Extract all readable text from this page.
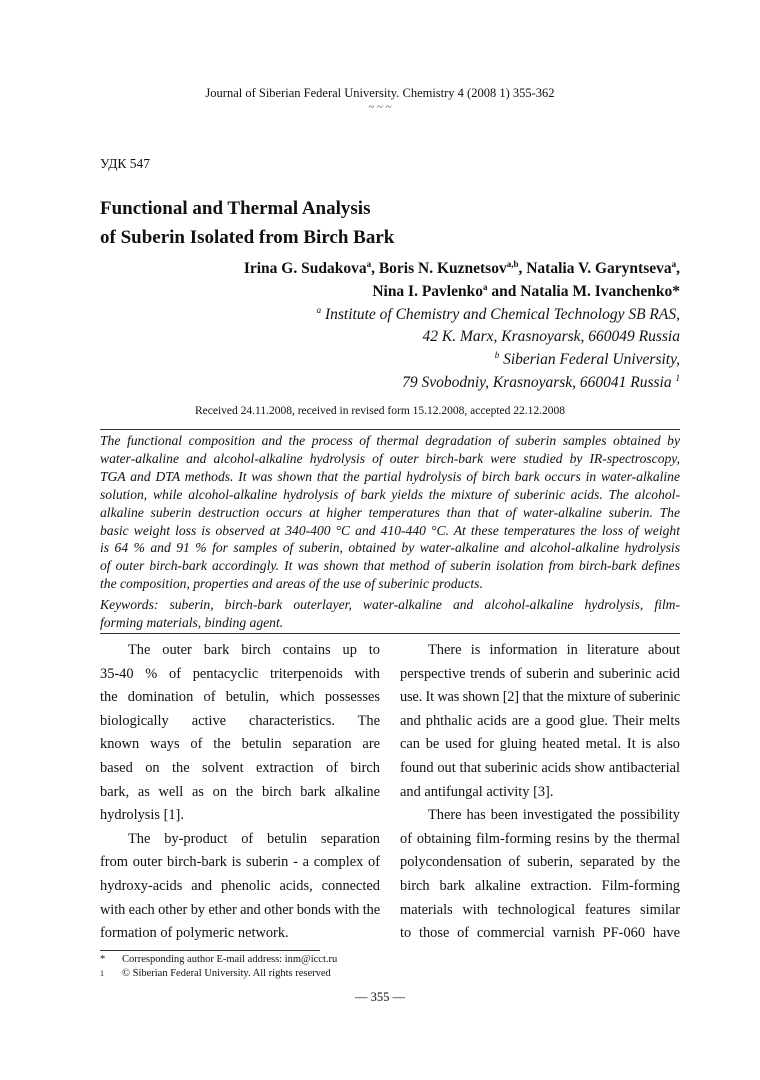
Journal of Siberian Federal University. Chemistry 4 (2008 1) 355-362
~ ~ ~
УДК 547
Functional and Thermal Analysis
of Suberin Isolated from Birch Bark
Irina G. Sudakova$^a$, Boris N. Kuznetsov$^{a,b}$, Natalia V. Garyntseva$^a$,
Nina I. Pavlenko$^a$ and Natalia M. Ivanchenko*
$^a$ Institute of Chemistry and Chemical Technology SB RAS,
42 K. Marx, Krasnoyarsk, 660049 Russia
$^b$ Siberian Federal University,
79 Svobodniy, Krasnoyarsk, 660041 Russia $^1$
Received 24.11.2008, received in revised form 15.12.2008, accepted 22.12.2008
The functional composition and the process of thermal degradation of suberin samples obtained by
water-alkaline and alcohol-alkaline hydrolysis of outer birch-bark were studied by IR-spectroscopy,
TGA and DTA methods. It was shown that the partial hydrolysis of birch bark occurs in water-alkaline
solution, while alcohol-alkaline hydrolysis of bark yields the mixture of suberinic acids. The alcohol-
alkaline suberin destruction occurs at higher temperatures than that of water-alkaline suberin. The
basic weight loss is observed at 340-400 °C and 410-440 °C. At these temperatures the loss of weight
is 64 % and 91 % for samples of suberin, obtained by water-alkaline and alcohol-alkaline hydrolysis
of outer birch-bark accordingly. It was shown that method of suberin isolation from birch-bark defines
the composition, properties and areas of the use of suberinic products.
Keywords: suberin, birch-bark outerlayer, water-alkaline and alcohol-alkaline hydrolysis, film-
forming materials, binding agent.
The outer bark birch contains up to
35-40 % of pentacyclic triterpenoids with
the domination of betulin, which possesses
biologically active characteristics. The
known ways of the betulin separation are
based on the solvent extraction of birch
bark, as well as on the birch bark alkaline
hydrolysis [1].
The by-product of betulin separation
from outer birch-bark is suberin - a complex of
hydroxy-acids and phenolic acids, connected
with each other by ether and other bonds with the
formation of polymeric network.
There is information in literature about
perspective trends of suberin and suberinic acid
use. It was shown [2] that the mixture of suberinic
and phthalic acids are a good glue. Their melts
can be used for gluing heated metal. It is also
found out that suberinic acids show antibacterial
and antifungal activity [3].
There has been investigated the possibility
of obtaining film-forming resins by the thermal
polycondensation of suberin, separated by the
birch bark alkaline extraction. Film-forming
materials with technological features similar
to those of commercial varnish PF-060 have
* Corresponding author E-mail address: inm@icct.ru
1 © Siberian Federal University. All rights reserved
— 355 —
